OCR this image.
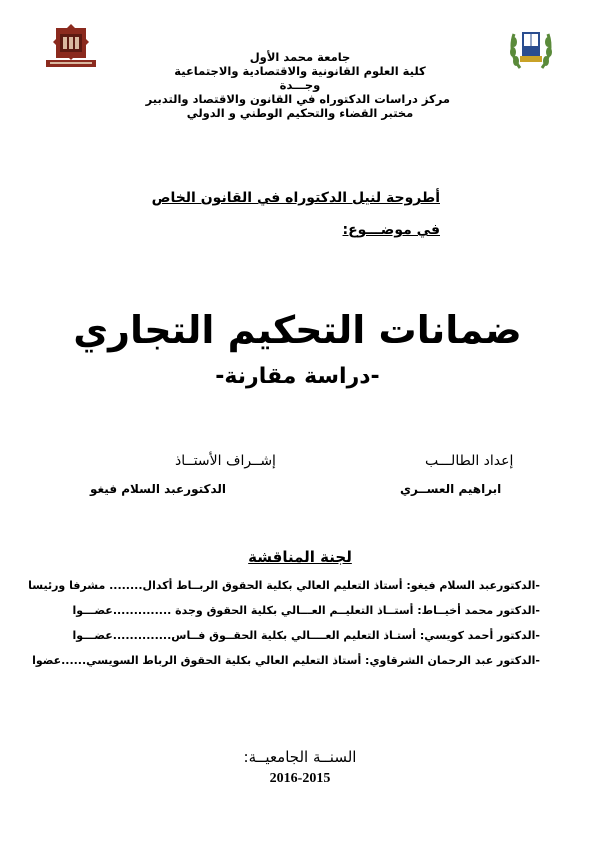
جامعة محمد الأول
كلية العلوم القانونية والاقتصادية والاجتماعية
وجـــدة
مركز دراسات الدكتوراه في القانون والاقتصاد والتدبير
مختبر القضاء والتحكيم الوطني و الدولي
أطروحة لنيل الدكتوراه في القانون الخاص
في موضـــوع:
ضمانات التحكيم التجاري
-دراسة مقارنة-
إعداد الطالـــب
إشــراف الأستــاذ
ابراهيم العســري
الدكتورعبد السلام فيغو
لجنة المناقشة
-الدكتورعبد السلام فيغو: أستاذ التعليم العالي بكلية الحقوق الربــاط أكدال........ مشرفا ورئيسا
-الدكتور محمد أخيــاط: أستــاذ التعليــم العـــالي بكلية الحقوق وجدة ..............عضـــوا
-الدكتور أحمد كويسي: أستـاذ التعليم العــــالي بكلية الحقــوق فــاس..............عضـــوا
-الدكتور عبد الرحمان الشرقاوي: أستاذ التعليم العالي بكلية الحقوق الرباط السويسي......عضوا
السنــة الجامعيــة:
2016-2015
